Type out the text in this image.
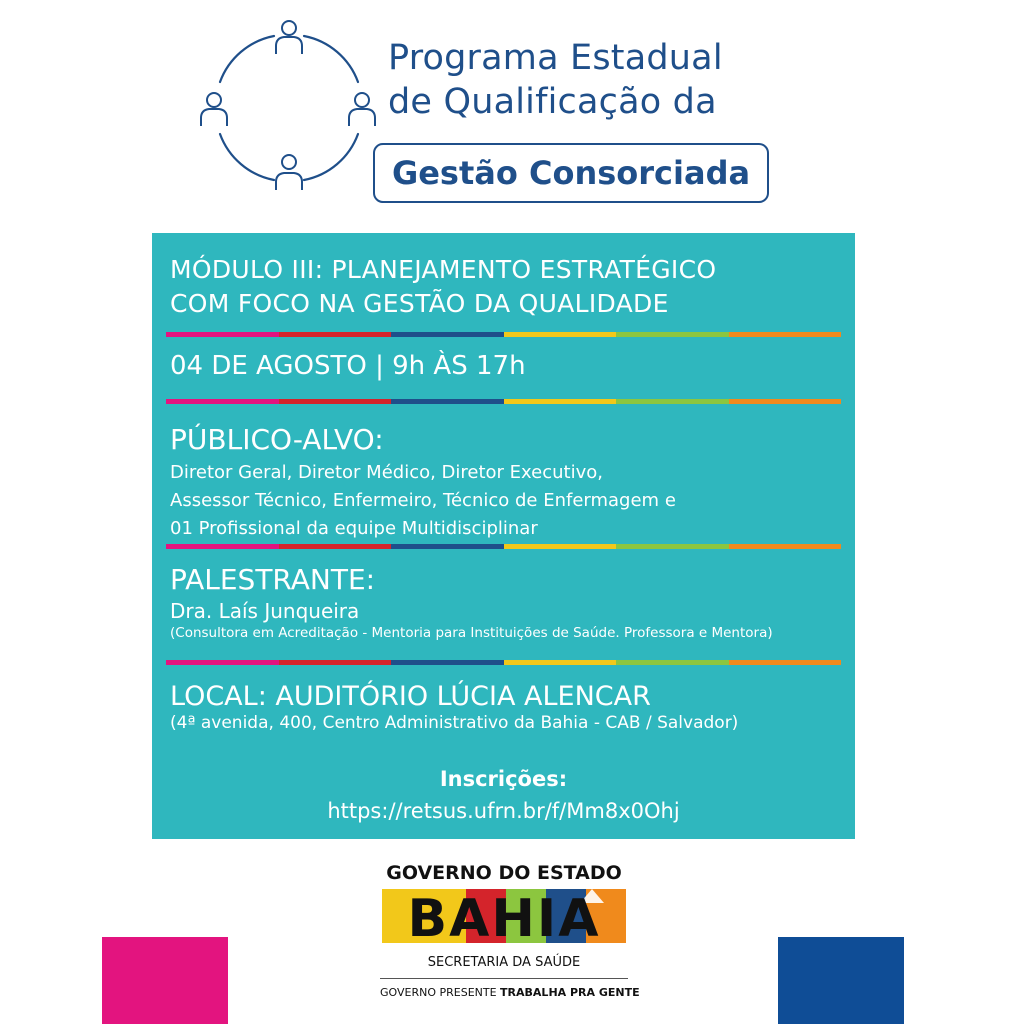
Programa Estadual
de Qualificação da
Gestão Consorciada
MÓDULO III: PLANEJAMENTO ESTRATÉGICO
COM FOCO NA GESTÃO DA QUALIDADE
04 DE AGOSTO | 9h ÀS 17h
PÚBLICO-ALVO:
Diretor Geral, Diretor Médico, Diretor Executivo,
Assessor Técnico, Enfermeiro, Técnico de Enfermagem e
01 Profissional da equipe Multidisciplinar
PALESTRANTE:
Dra. Laís Junqueira
(Consultora em Acreditação - Mentoria para Instituições de Saúde. Professora e Mentora)
LOCAL: AUDITÓRIO LÚCIA ALENCAR
(4ª avenida, 400, Centro Administrativo da Bahia - CAB / Salvador)
Inscrições:
https://retsus.ufrn.br/f/Mm8x0Ohj
GOVERNO DO ESTADO
BAHIA
SECRETARIA DA SAÚDE
GOVERNO PRESENTE TRABALHA PRA GENTE
